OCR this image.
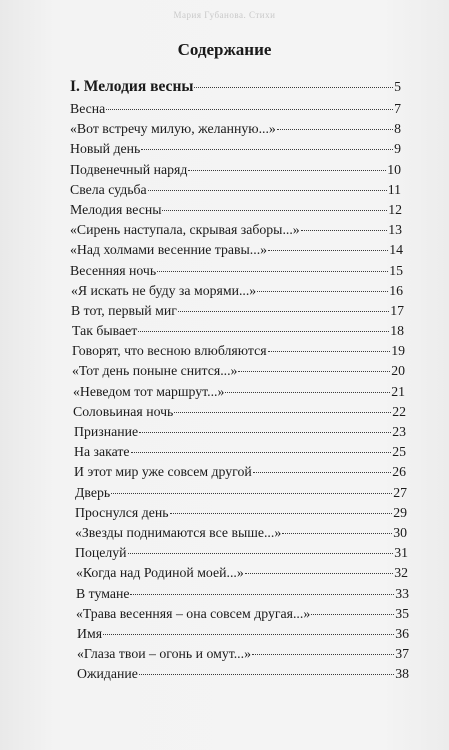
Мария Губанова. Стихи
Содержание
I. Мелодия весны	5
Весна	7
«Вот встречу милую, желанную...»	8
Новый день	9
Подвенечный наряд	10
Свела судьба	11
Мелодия весны	12
«Сирень наступала, скрывая заборы...»	13
«Над холмами весенние травы...»	14
Весенняя ночь	15
«Я искать не буду за морями...»	16
В тот, первый миг	17
Так бывает	18
Говорят, что весною влюбляются	19
«Тот день поныне снится...»	20
«Неведом тот маршрут...»	21
Соловьиная ночь	22
Признание	23
На закате	25
И этот мир уже совсем другой	26
Дверь	27
Проснулся день	29
«Звезды поднимаются все выше...»	30
Поцелуй	31
«Когда над Родиной моей...»	32
В тумане	33
«Трава весенняя – она совсем другая...»	35
Имя	36
«Глаза твои – огонь и омут...»	37
Ожидание	38
